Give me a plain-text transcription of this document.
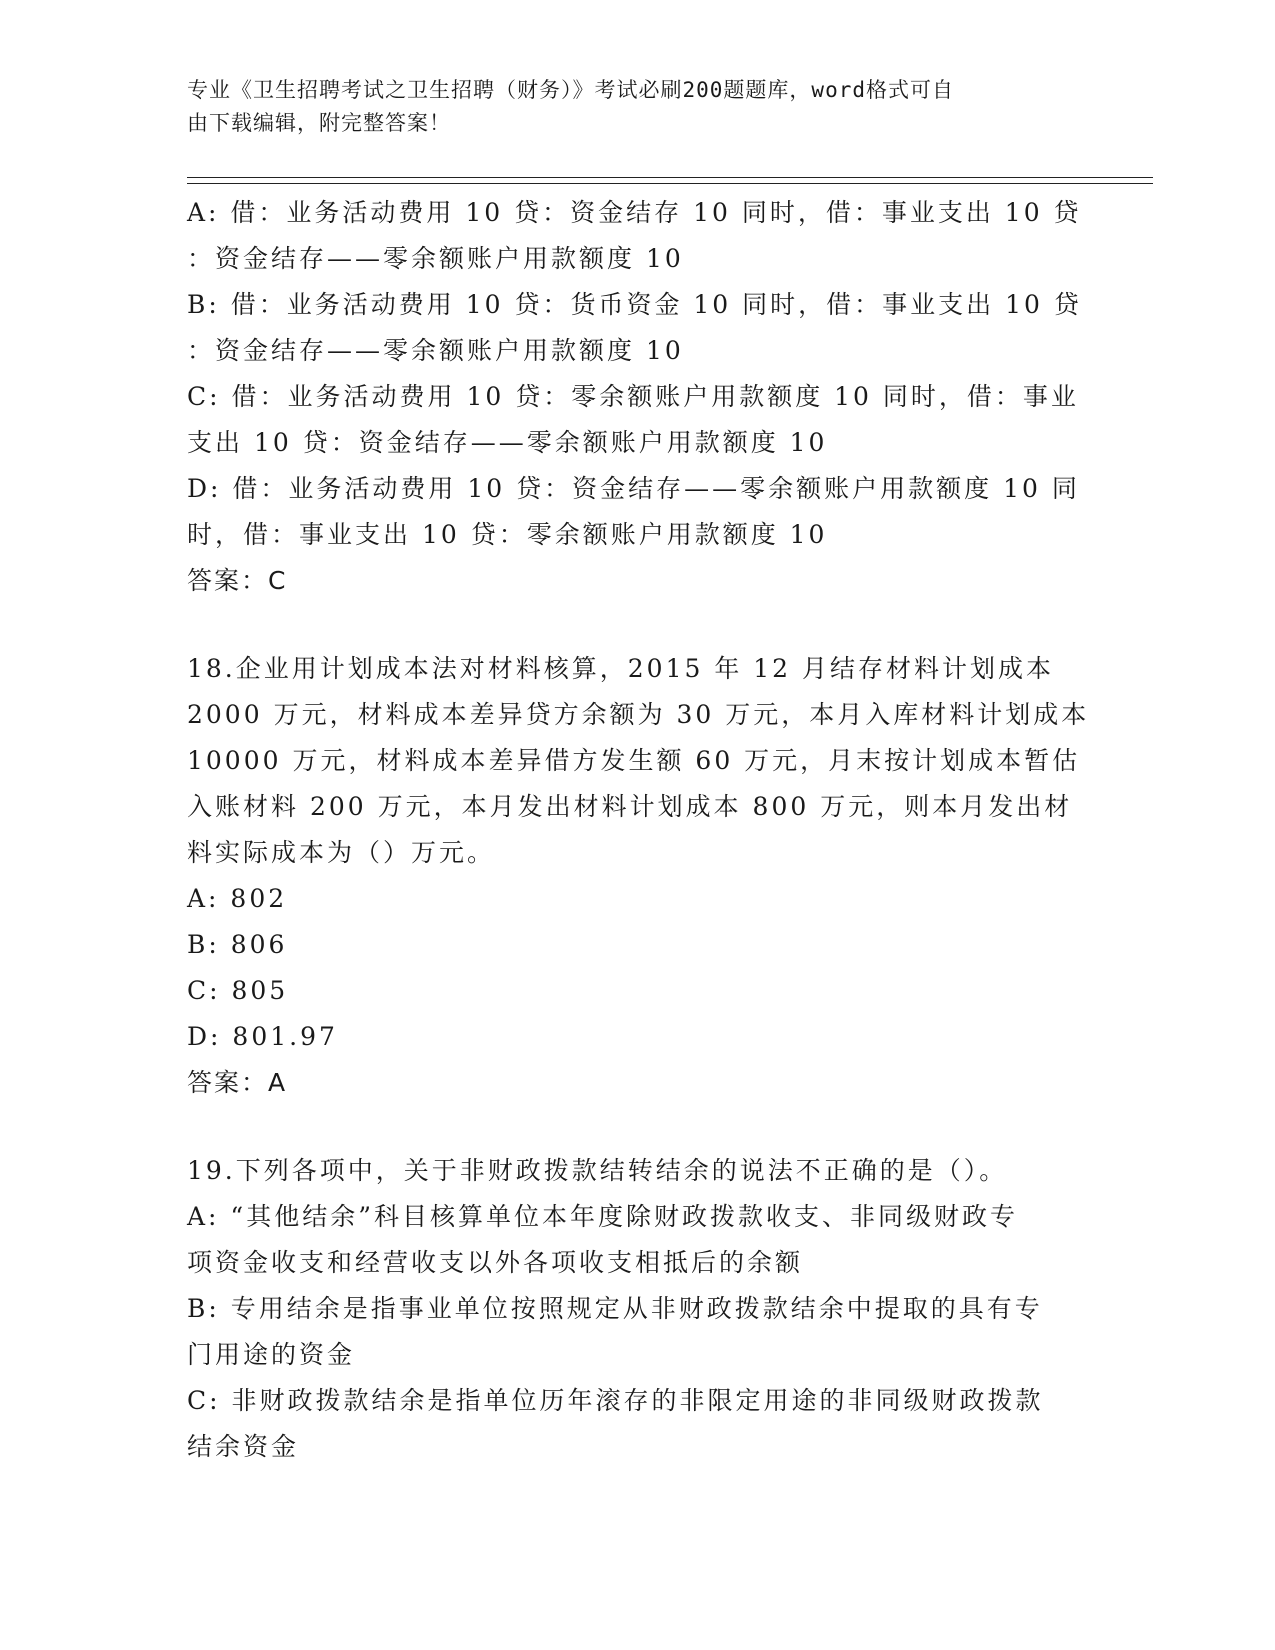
专业《卫生招聘考试之卫生招聘（财务）》考试必刷200题题库，word格式可自
由下载编辑，附完整答案！
A: 借：业务活动费用 10 贷：资金结存 10 同时，借：事业支出 10 贷
：资金结存——零余额账户用款额度 10
B: 借：业务活动费用 10 贷：货币资金 10 同时，借：事业支出 10 贷
：资金结存——零余额账户用款额度 10
C: 借：业务活动费用 10 贷：零余额账户用款额度 10 同时，借：事业
支出 10 贷：资金结存——零余额账户用款额度 10
D: 借：业务活动费用 10 贷：资金结存——零余额账户用款额度 10 同
时，借：事业支出 10 贷：零余额账户用款额度 10
答案：C
18.企业用计划成本法对材料核算，2015 年 12 月结存材料计划成本
2000 万元，材料成本差异贷方余额为 30 万元，本月入库材料计划成本
10000 万元，材料成本差异借方发生额 60 万元，月末按计划成本暂估
入账材料 200 万元，本月发出材料计划成本 800 万元，则本月发出材
料实际成本为（）万元。
A: 802
B: 806
C: 805
D: 801.97
答案：A
19.下列各项中，关于非财政拨款结转结余的说法不正确的是（）。
A: “其他结余”科目核算单位本年度除财政拨款收支、非同级财政专
项资金收支和经营收支以外各项收支相抵后的余额
B: 专用结余是指事业单位按照规定从非财政拨款结余中提取的具有专
门用途的资金
C: 非财政拨款结余是指单位历年滚存的非限定用途的非同级财政拨款
结余资金
